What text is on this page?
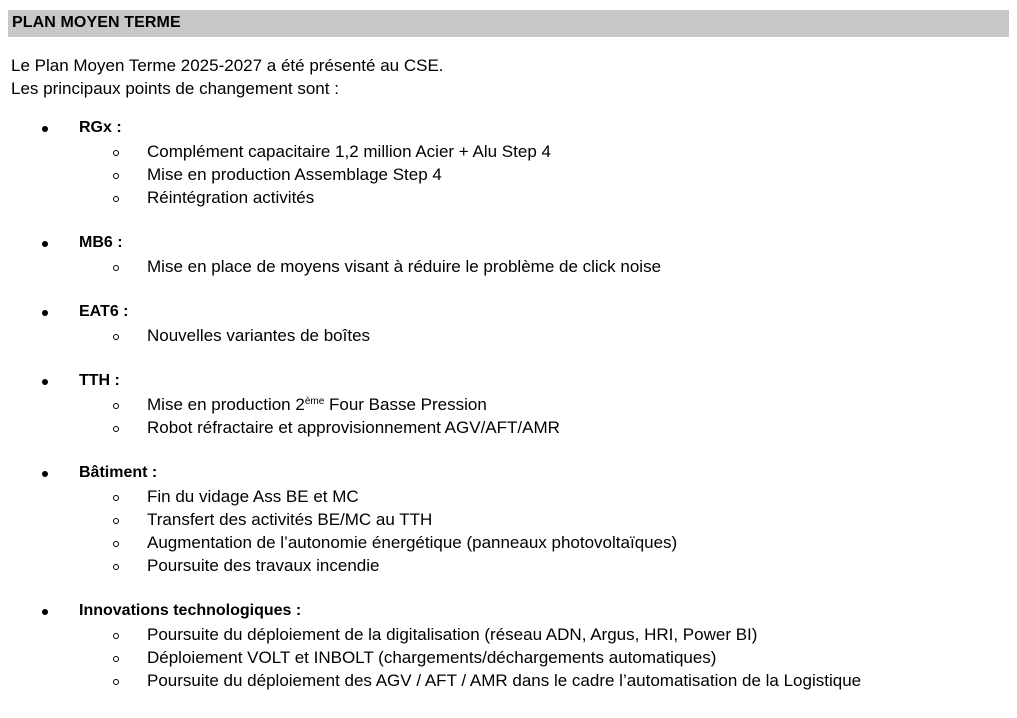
PLAN MOYEN TERME
Le Plan Moyen Terme 2025-2027 a été présenté au CSE.
Les principaux points de changement sont :
RGx :
Complément capacitaire 1,2 million Acier + Alu Step 4
Mise en production Assemblage Step 4
Réintégration activités
MB6 :
Mise en place de moyens visant à réduire le problème de click noise
EAT6 :
Nouvelles variantes de boîtes
TTH :
Mise en production 2ème Four Basse Pression
Robot réfractaire et approvisionnement AGV/AFT/AMR
Bâtiment :
Fin du vidage Ass BE et MC
Transfert des activités BE/MC au TTH
Augmentation de l’autonomie énergétique (panneaux photovoltaïques)
Poursuite des travaux incendie
Innovations technologiques :
Poursuite du déploiement de la digitalisation (réseau ADN, Argus, HRI, Power BI)
Déploiement VOLT et INBOLT (chargements/déchargements automatiques)
Poursuite du déploiement des AGV / AFT / AMR dans le cadre l’automatisation de la Logistique
